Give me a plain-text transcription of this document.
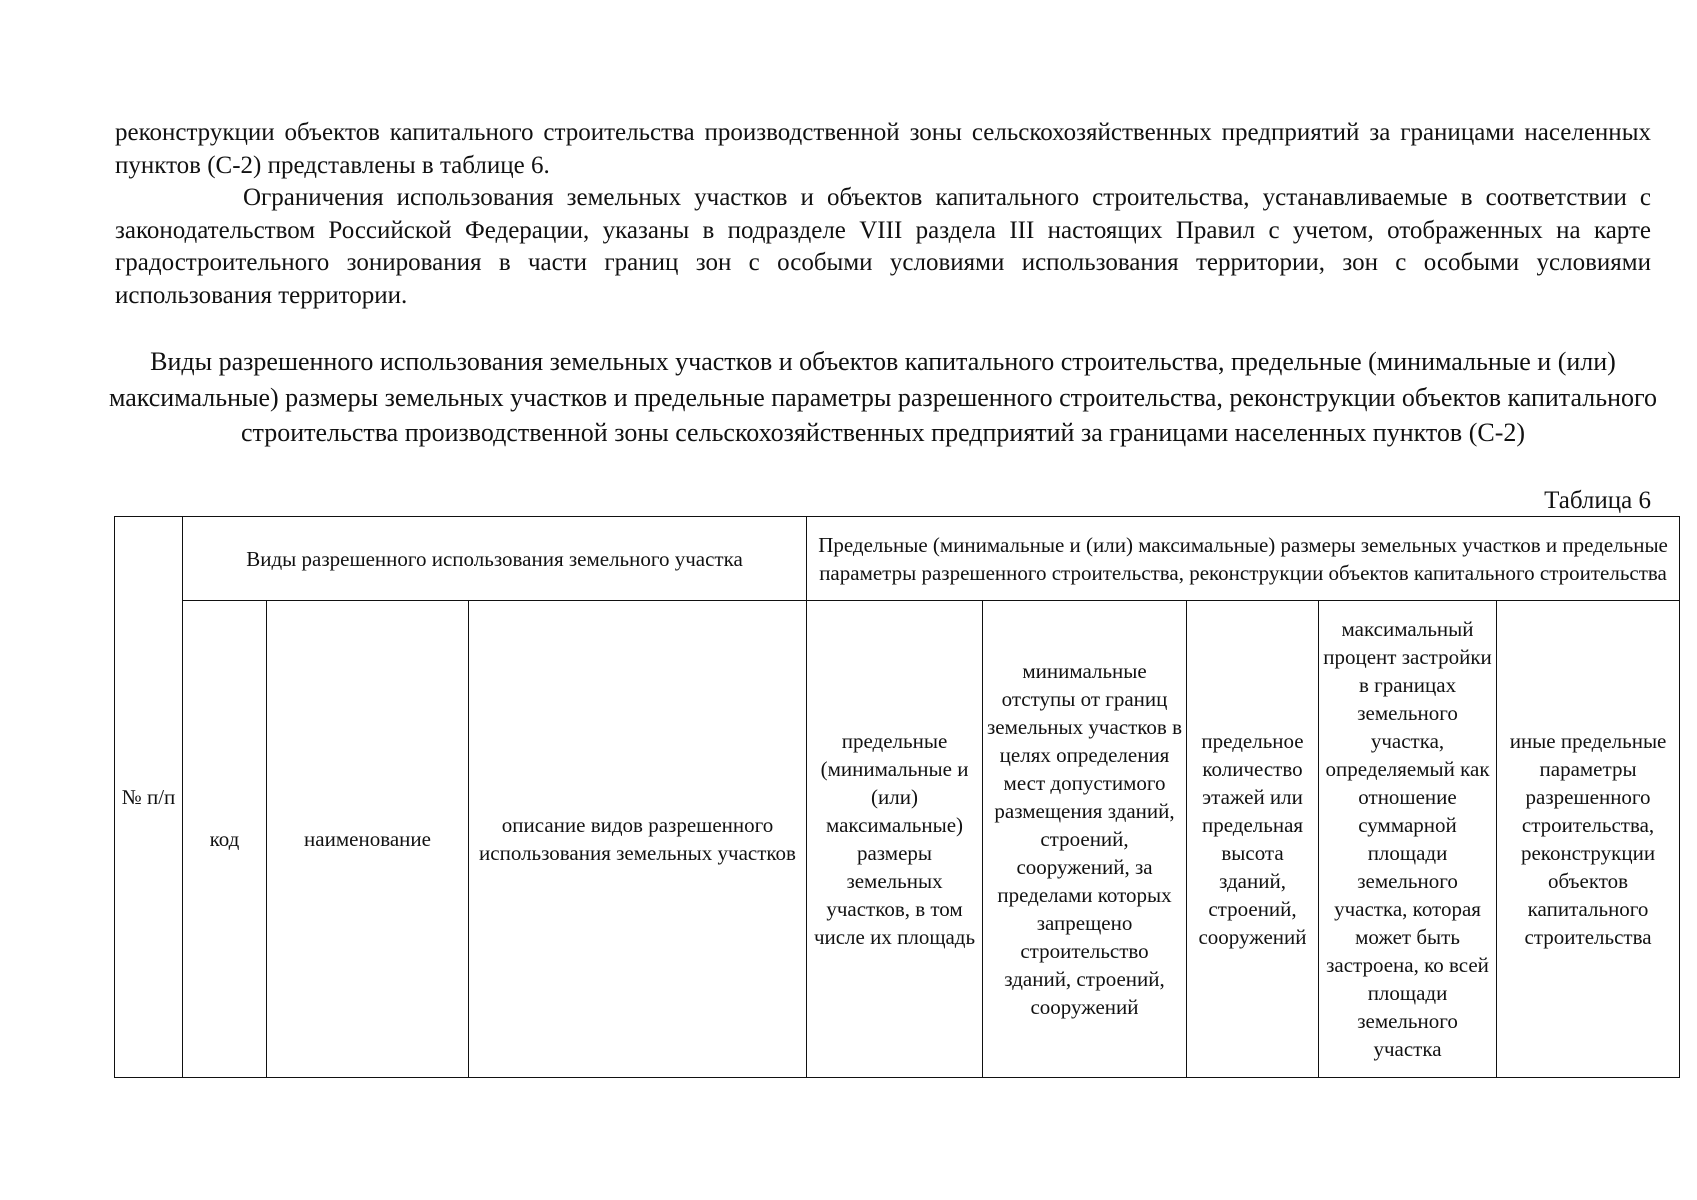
реконструкции объектов капитального строительства производственной зоны сельскохозяйственных предприятий за границами населенных пунктов (С-2) представлены в таблице 6.

Ограничения использования земельных участков и объектов капитального строительства, устанавливаемые в соответствии с законодательством Российской Федерации, указаны в подразделе VIII раздела III настоящих Правил с учетом, отображенных на карте градостроительного зонирования в части границ зон с особыми условиями использования территории, зон с особыми условиями использования территории.

Виды разрешенного использования земельных участков и объектов капитального строительства, предельные (минимальные и (или) максимальные) размеры земельных участков и предельные параметры разрешенного строительства, реконструкции объектов капитального строительства производственной зоны сельскохозяйственных предприятий за границами населенных пунктов (С-2)

Таблица 6

№ п/п	Виды разрешенного использования земельного участка			Предельные (минимальные и (или) максимальные) размеры земельных участков и предельные параметры разрешенного строительства, реконструкции объектов капитального строительства				
	код	наименование	описание видов разрешенного использования земельных участков	предельные (минимальные и (или) максимальные) размеры земельных участков, в том числе их площадь	минимальные отступы от границ земельных участков в целях определения мест допустимого размещения зданий, строений, сооружений, за пределами которых запрещено строительство зданий, строений, сооружений	предельное количество этажей или предельная высота зданий, строений, сооружений	максимальный процент застройки в границах земельного участка, определяемый как отношение суммарной площади земельного участка, которая может быть застроена, ко всей площади земельного участка	иные предельные параметры разрешенного строительства, реконструкции объектов капитального строительства
